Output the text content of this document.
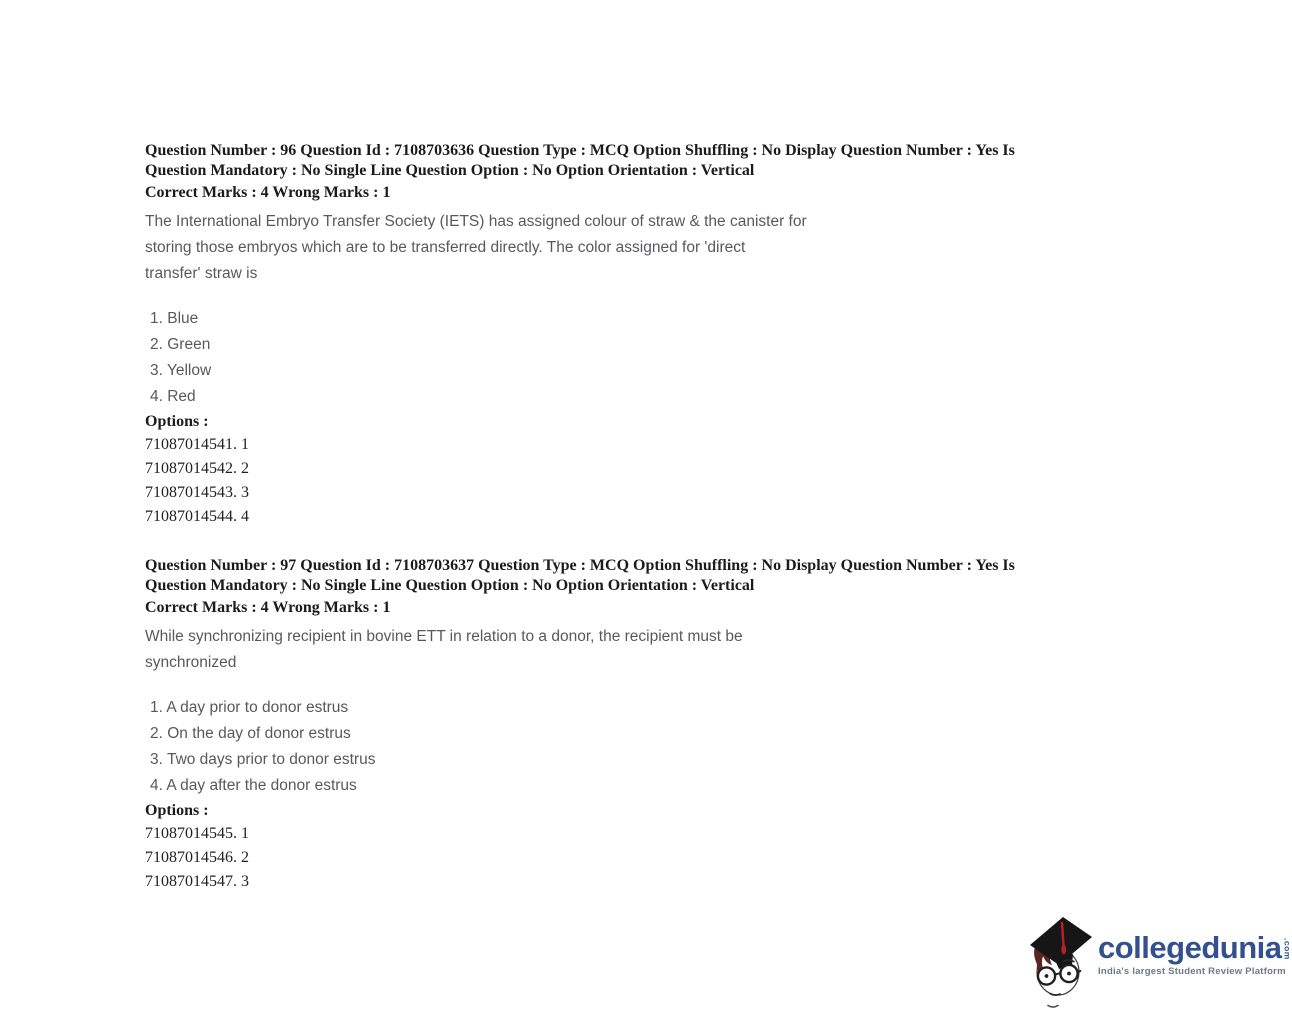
Question Number : 96 Question Id : 7108703636 Question Type : MCQ Option Shuffling : No Display Question Number : Yes Is
Question Mandatory : No Single Line Question Option : No Option Orientation : Vertical
Correct Marks : 4 Wrong Marks : 1
The International Embryo Transfer Society (IETS) has assigned colour of straw & the canister for
storing those embryos which are to be transferred directly. The color assigned for 'direct
transfer' straw is
1. Blue
2. Green
3. Yellow
4. Red
Options :
71087014541. 1
71087014542. 2
71087014543. 3
71087014544. 4
Question Number : 97 Question Id : 7108703637 Question Type : MCQ Option Shuffling : No Display Question Number : Yes Is
Question Mandatory : No Single Line Question Option : No Option Orientation : Vertical
Correct Marks : 4 Wrong Marks : 1
While synchronizing recipient in bovine ETT in relation to a donor, the recipient must be
synchronized
1. A day prior to donor estrus
2. On the day of donor estrus
3. Two days prior to donor estrus
4. A day after the donor estrus
Options :
71087014545. 1
71087014546. 2
71087014547. 3
collegedunia .com
India's largest Student Review Platform
